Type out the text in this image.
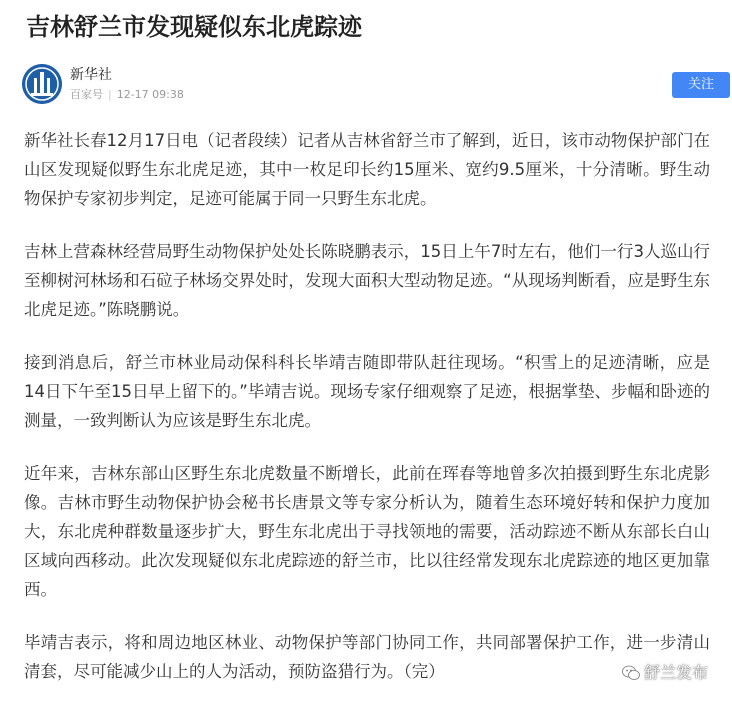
吉林舒兰市发现疑似东北虎踪迹
新华社
百家号 | 12-17 09:38
关注

新华社长春12月17日电（记者段续）记者从吉林省舒兰市了解到，近日，该市动物保护部门在山区发现疑似野生东北虎足迹，其中一枚足印长约15厘米、宽约9.5厘米，十分清晰。野生动物保护专家初步判定，足迹可能属于同一只野生东北虎。

吉林上营森林经营局野生动物保护处处长陈晓鹏表示，15日上午7时左右，他们一行3人巡山行至柳树河林场和石砬子林场交界处时，发现大面积大型动物足迹。“从现场判断看，应是野生东北虎足迹。”陈晓鹏说。

接到消息后，舒兰市林业局动保科科长毕靖吉随即带队赶往现场。“积雪上的足迹清晰，应是14日下午至15日早上留下的。”毕靖吉说。现场专家仔细观察了足迹，根据掌垫、步幅和卧迹的测量，一致判断认为应该是野生东北虎。

近年来，吉林东部山区野生东北虎数量不断增长，此前在珲春等地曾多次拍摄到野生东北虎影像。吉林市野生动物保护协会秘书长唐景文等专家分析认为，随着生态环境好转和保护力度加大，东北虎种群数量逐步扩大，野生东北虎出于寻找领地的需要，活动踪迹不断从东部长白山区域向西移动。此次发现疑似东北虎踪迹的舒兰市，比以往经常发现东北虎踪迹的地区更加靠西。

毕靖吉表示，将和周边地区林业、动物保护等部门协同工作，共同部署保护工作，进一步清山清套，尽可能减少山上的人为活动，预防盗猎行为。（完）	舒兰发布
